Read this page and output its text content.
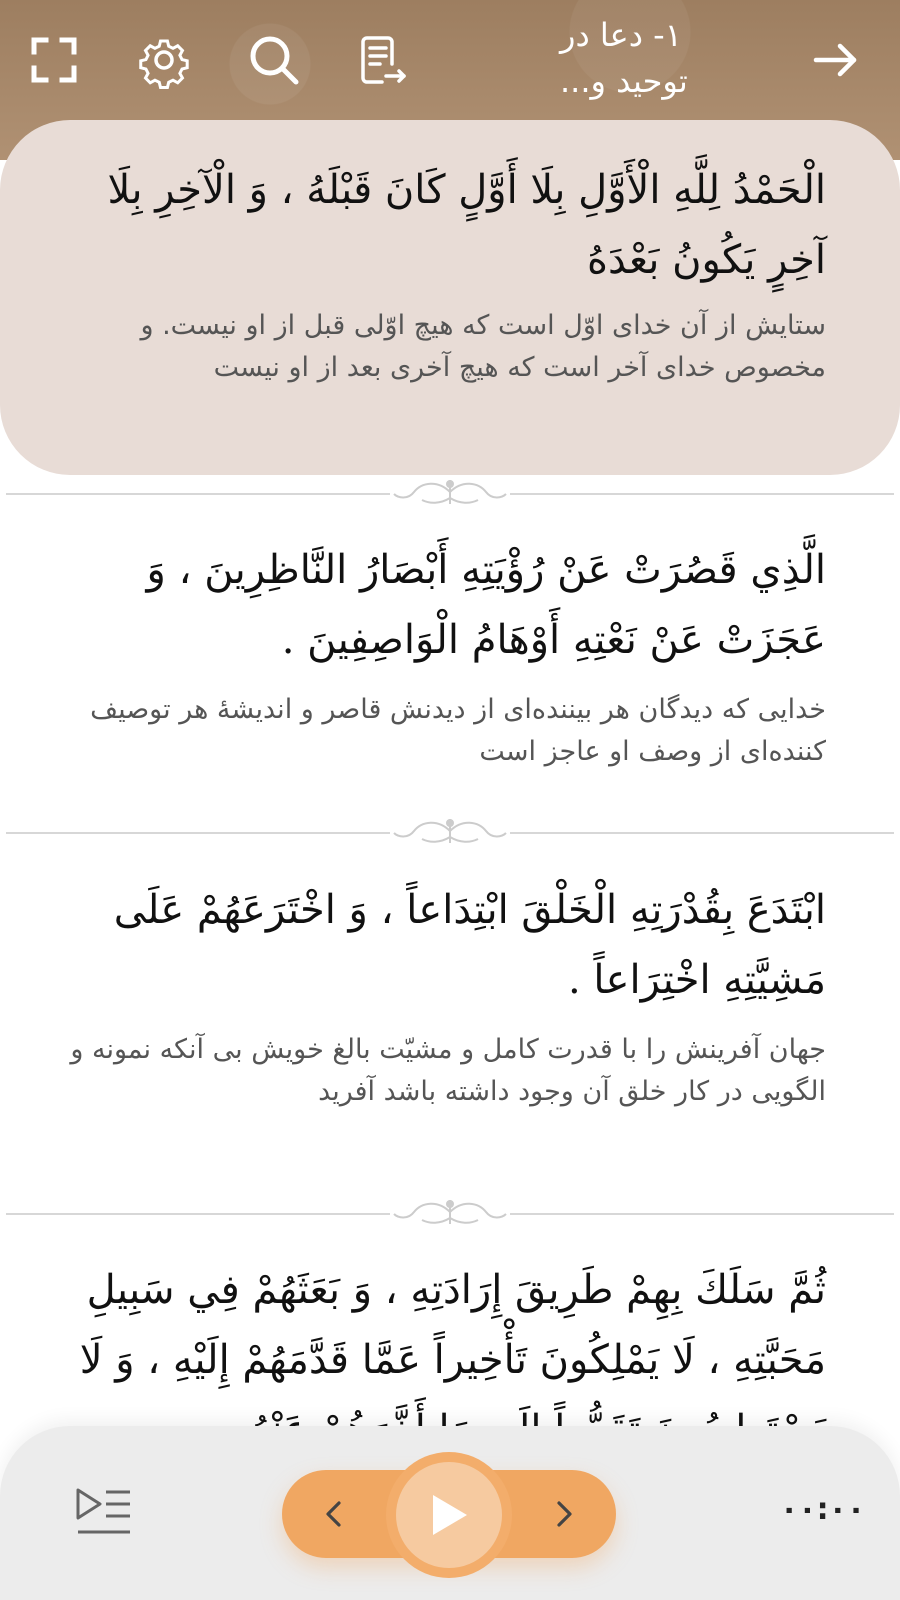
۱- دعا در
توحید و...
الْحَمْدُ لِلَّهِ الْأَوَّلِ بِلَا أَوَّلٍ كَانَ قَبْلَهُ ، وَ الْآخِرِ بِلَا آخِرٍ يَكُونُ بَعْدَهُ
ستایش از آن خدای اوّل است که هیچ اوّلی قبل از او نیست. و مخصوص خدای آخر است که هیچ آخری بعد از او نیست
الَّذِي قَصُرَتْ عَنْ رُؤْيَتِهِ أَبْصَارُ النَّاظِرِينَ ، وَ عَجَزَتْ عَنْ نَعْتِهِ أَوْهَامُ الْوَاصِفِينَ .
خدایی که دیدگان هر بیننده‌ای از دیدنش قاصر و اندیشهٔ هر توصیف کننده‌ای از وصف او عاجز است
ابْتَدَعَ بِقُدْرَتِهِ الْخَلْقَ ابْتِدَاعاً ، وَ اخْتَرَعَهُمْ عَلَى مَشِيَّتِهِ اخْتِرَاعاً .
جهان آفرینش را با قدرت کامل و مشیّت بالغ خویش بی آنکه نمونه و الگویی در کار خلق آن وجود داشته باشد آفرید
ثُمَّ سَلَكَ بِهِمْ طَرِيقَ إِرَادَتِهِ ، وَ بَعَثَهُمْ فِي سَبِيلِ مَحَبَّتِهِ ، لَا يَمْلِكُونَ تَأْخِيراً عَمَّا قَدَّمَهُمْ إِلَيْهِ ، وَ لَا
۰۰:۰۰
